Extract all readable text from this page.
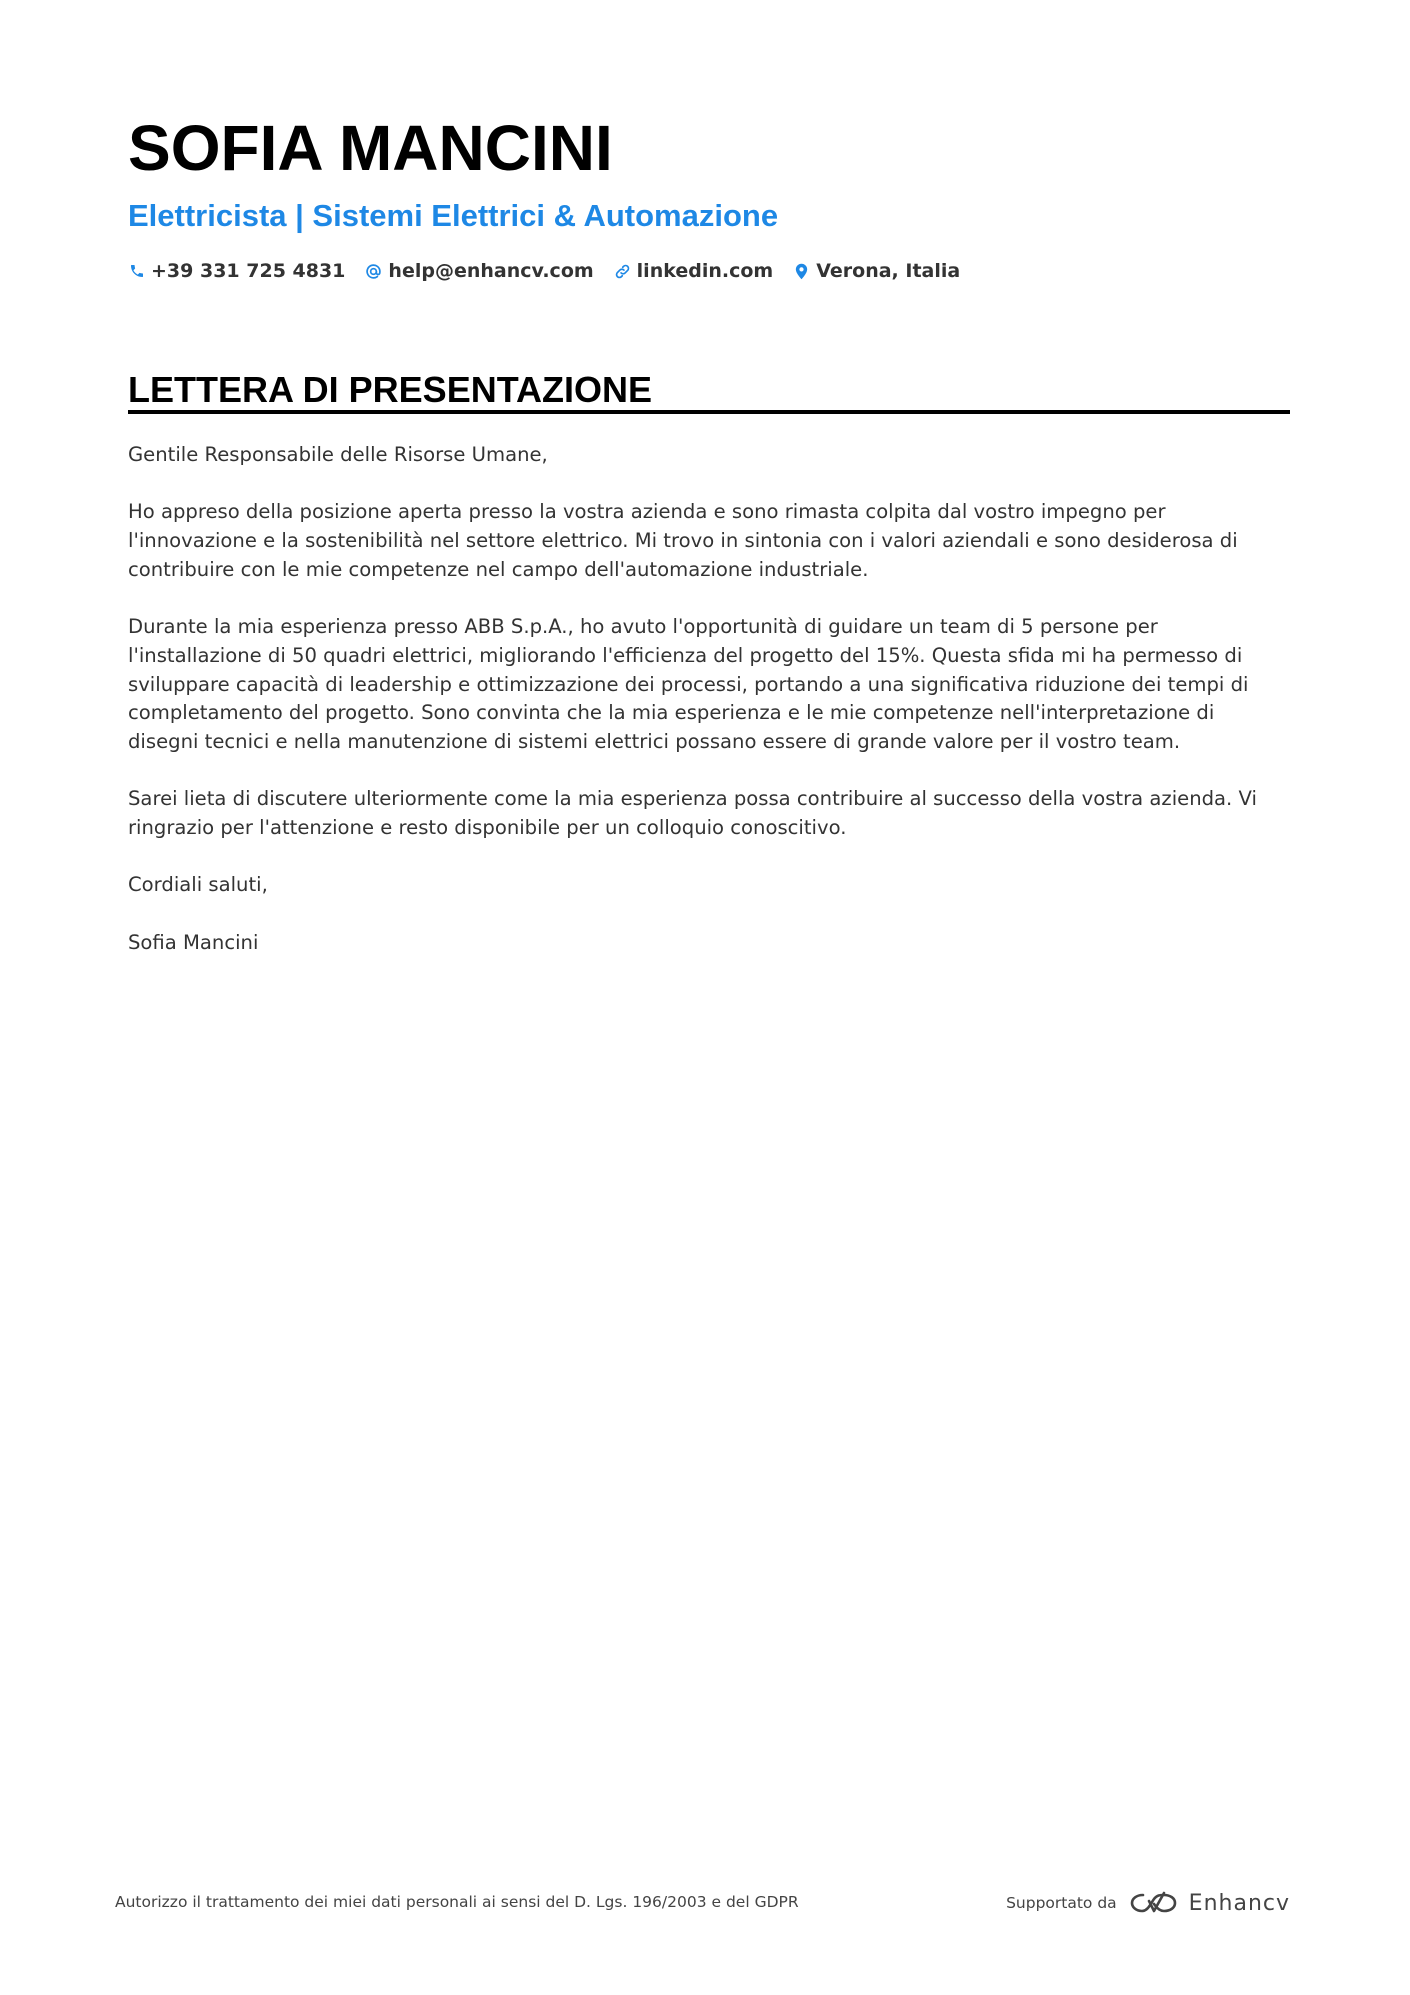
SOFIA MANCINI
Elettricista | Sistemi Elettrici & Automazione
+39 331 725 4831 help@enhancv.com linkedin.com Verona, Italia
LETTERA DI PRESENTAZIONE

Gentile Responsabile delle Risorse Umane,

Ho appreso della posizione aperta presso la vostra azienda e sono rimasta colpita dal vostro impegno per l'innovazione e la sostenibilità nel settore elettrico. Mi trovo in sintonia con i valori aziendali e sono desiderosa di contribuire con le mie competenze nel campo dell'automazione industriale.

Durante la mia esperienza presso ABB S.p.A., ho avuto l'opportunità di guidare un team di 5 persone per l'installazione di 50 quadri elettrici, migliorando l'efficienza del progetto del 15%. Questa sfida mi ha permesso di sviluppare capacità di leadership e ottimizzazione dei processi, portando a una significativa riduzione dei tempi di completamento del progetto. Sono convinta che la mia esperienza e le mie competenze nell'interpretazione di disegni tecnici e nella manutenzione di sistemi elettrici possano essere di grande valore per il vostro team.

Sarei lieta di discutere ulteriormente come la mia esperienza possa contribuire al successo della vostra azienda. Vi ringrazio per l'attenzione e resto disponibile per un colloquio conoscitivo.

Cordiali saluti,

Sofia Mancini

Autorizzo il trattamento dei miei dati personali ai sensi del D. Lgs. 196/2003 e del GDPR	Supportato da	Enhancv
